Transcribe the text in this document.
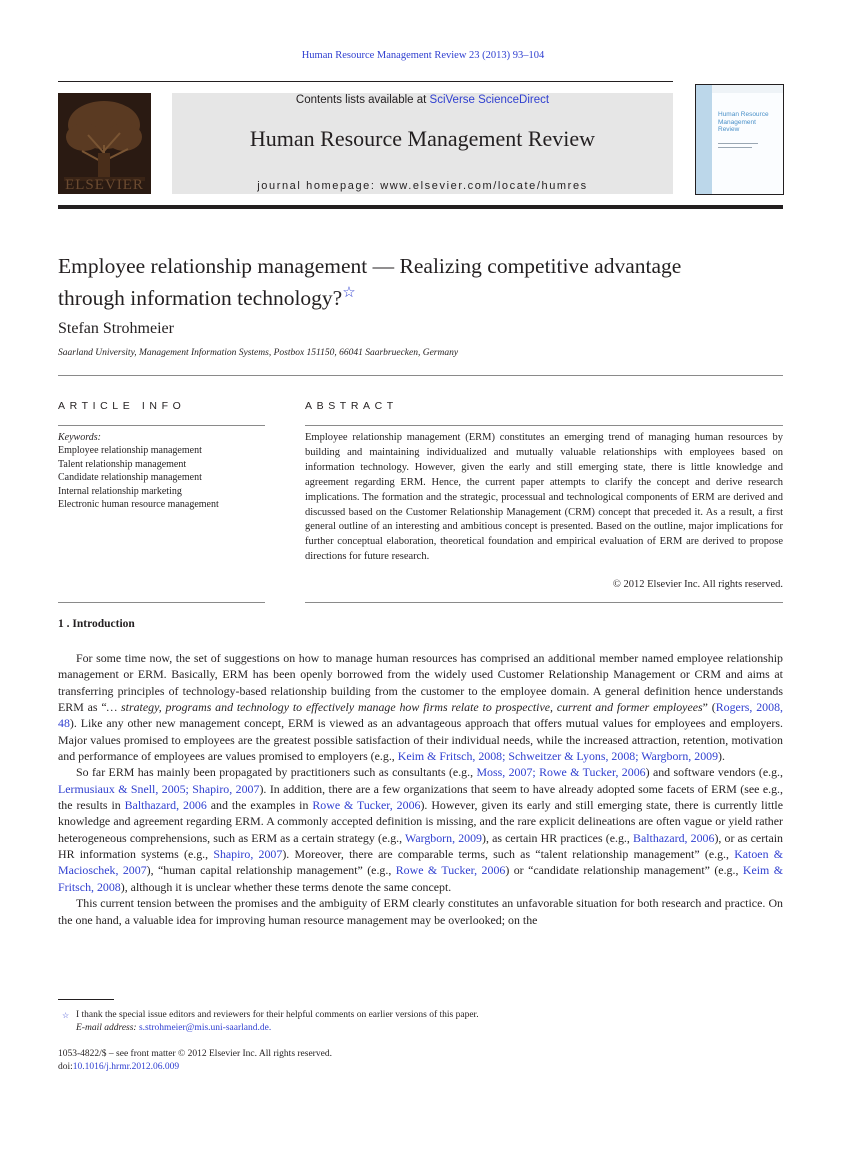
Human Resource Management Review 23 (2013) 93–104
ELSEVIER
Contents lists available at SciVerse ScienceDirect
Human Resource Management Review
journal homepage: www.elsevier.com/locate/humres
Human Resource Management Review
Employee relationship management — Realizing competitive advantage
through information technology?☆
Stefan Strohmeier
Saarland University, Management Information Systems, Postbox 151150, 66041 Saarbruecken, Germany
ARTICLE INFO
Keywords:
Employee relationship management
Talent relationship management
Candidate relationship management
Internal relationship marketing
Electronic human resource management
ABSTRACT
Employee relationship management (ERM) constitutes an emerging trend of managing human resources by building and maintaining individualized and mutually valuable relationships with employees based on information technology. However, given the early and still emerging state, there is little knowledge and agreement regarding ERM. Hence, the current paper attempts to clarify the concept and derive research implications. The formation and the strategic, processual and technological components of ERM are derived and discussed based on the Customer Relationship Management (CRM) concept that preceded it. As a result, a first general outline of an interesting and ambitious concept is presented. Based on the outline, major implications for further conceptual elaboration, theoretical foundation and empirical evaluation of ERM are derived to propose directions for future research.
© 2012 Elsevier Inc. All rights reserved.
1 . Introduction

For some time now, the set of suggestions on how to manage human resources has comprised an additional member named employee relationship management or ERM. Basically, ERM has been openly borrowed from the widely used Customer Relationship Management or CRM and aims at transferring principles of technology-based relationship building from the customer to the employee domain. A general definition hence understands ERM as “… strategy, programs and technology to effectively manage how firms relate to prospective, current and former employees” (Rogers, 2008, 48). Like any other new management concept, ERM is viewed as an advantageous approach that offers mutual values for employees and employers. Major values promised to employees are the greatest possible satisfaction of their individual needs, while the increased attraction, retention, motivation and performance of employees are values promised to employers (e.g., Keim & Fritsch, 2008; Schweitzer & Lyons, 2008; Wargborn, 2009).

So far ERM has mainly been propagated by practitioners such as consultants (e.g., Moss, 2007; Rowe & Tucker, 2006) and software vendors (e.g., Lermusiaux & Snell, 2005; Shapiro, 2007). In addition, there are a few organizations that seem to have already adopted some facets of ERM (see e.g., the results in Balthazard, 2006 and the examples in Rowe & Tucker, 2006). However, given its early and still emerging state, there is currently little knowledge and agreement regarding ERM. A commonly accepted definition is missing, and the rare explicit delineations are often vague or yield rather heterogeneous comprehensions, such as ERM as a certain strategy (e.g., Wargborn, 2009), as certain HR practices (e.g., Balthazard, 2006), or as certain HR information systems (e.g., Shapiro, 2007). Moreover, there are comparable terms, such as “talent relationship management” (e.g., Katoen & Macioschek, 2007), “human capital relationship management” (e.g., Rowe & Tucker, 2006) or “candidate relationship management” (e.g., Keim & Fritsch, 2008), although it is unclear whether these terms denote the same concept.

This current tension between the promises and the ambiguity of ERM clearly constitutes an unfavorable situation for both research and practice. On the one hand, a valuable idea for improving human resource management may be overlooked; on the

☆ I thank the special issue editors and reviewers for their helpful comments on earlier versions of this paper.
E-mail address: s.strohmeier@mis.uni-saarland.de.
1053-4822/$ – see front matter © 2012 Elsevier Inc. All rights reserved.
doi:10.1016/j.hrmr.2012.06.009
